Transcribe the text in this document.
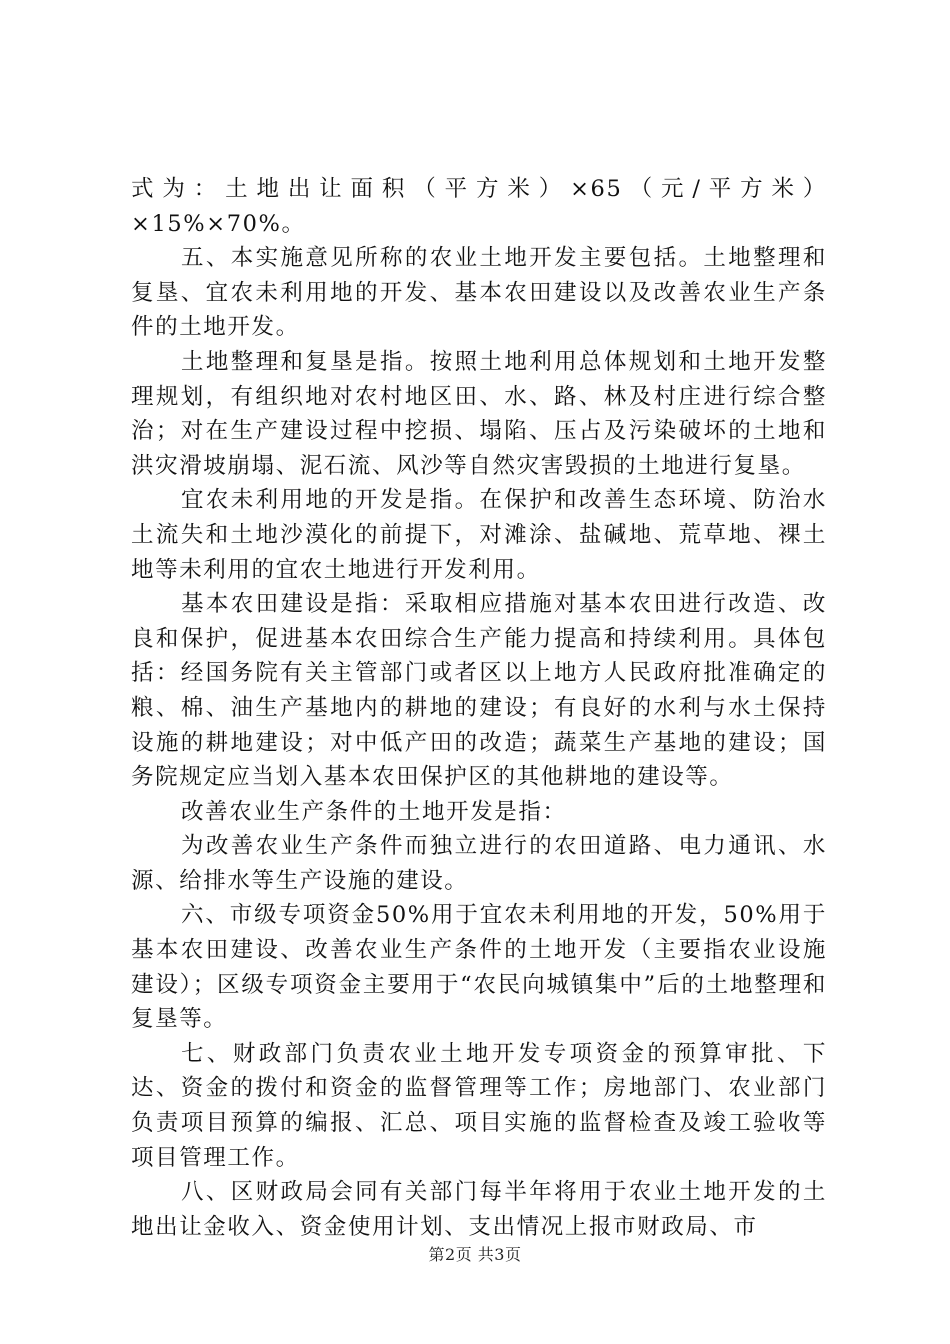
式为：土地出让面积（平方米）×65（元/平方米）×15%×70%。

五、本实施意见所称的农业土地开发主要包括。土地整理和复垦、宜农未利用地的开发、基本农田建设以及改善农业生产条件的土地开发。

土地整理和复垦是指。按照土地利用总体规划和土地开发整理规划，有组织地对农村地区田、水、路、林及村庄进行综合整治；对在生产建设过程中挖损、塌陷、压占及污染破坏的土地和洪灾滑坡崩塌、泥石流、风沙等自然灾害毁损的土地进行复垦。

宜农未利用地的开发是指。在保护和改善生态环境、防治水土流失和土地沙漠化的前提下，对滩涂、盐碱地、荒草地、裸土地等未利用的宜农土地进行开发利用。

基本农田建设是指：采取相应措施对基本农田进行改造、改良和保护，促进基本农田综合生产能力提高和持续利用。具体包括：经国务院有关主管部门或者区以上地方人民政府批准确定的粮、棉、油生产基地内的耕地的建设；有良好的水利与水土保持设施的耕地建设；对中低产田的改造；蔬菜生产基地的建设；国务院规定应当划入基本农田保护区的其他耕地的建设等。

改善农业生产条件的土地开发是指：

为改善农业生产条件而独立进行的农田道路、电力通讯、水源、给排水等生产设施的建设。

六、市级专项资金50%用于宜农未利用地的开发，50%用于基本农田建设、改善农业生产条件的土地开发（主要指农业设施建设）；区级专项资金主要用于“农民向城镇集中”后的土地整理和复垦等。

七、财政部门负责农业土地开发专项资金的预算审批、下达、资金的拨付和资金的监督管理等工作；房地部门、农业部门负责项目预算的编报、汇总、项目实施的监督检查及竣工验收等项目管理工作。

八、区财政局会同有关部门每半年将用于农业土地开发的土地出让金收入、资金使用计划、支出情况上报市财政局、市

第2页 共3页
